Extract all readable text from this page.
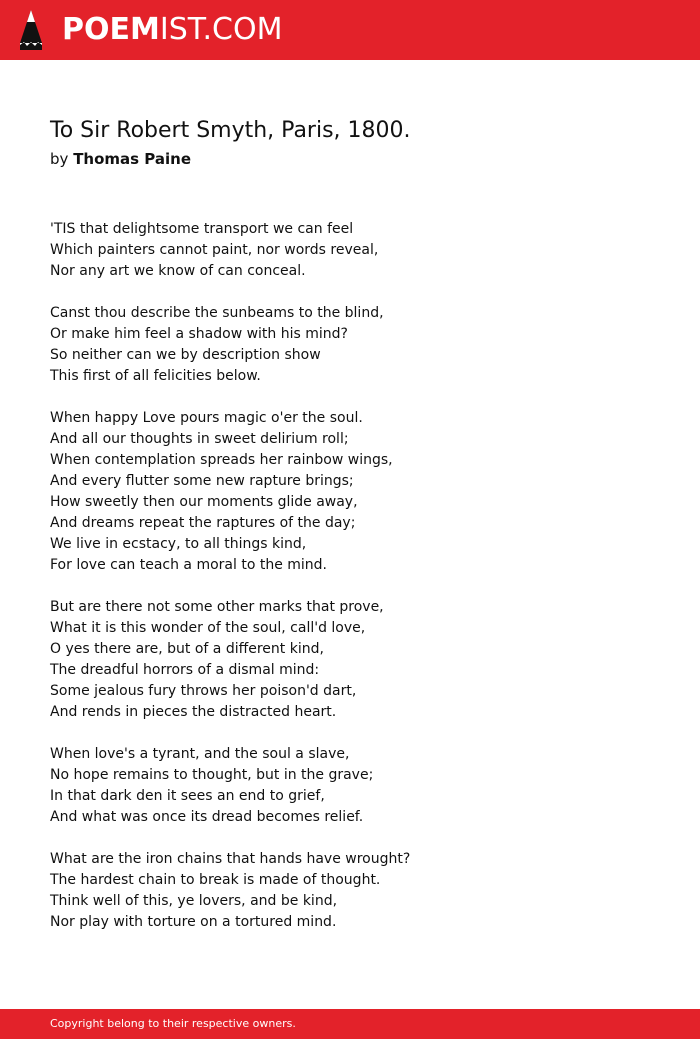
POEMIST.COM
To Sir Robert Smyth, Paris, 1800.
by Thomas Paine
'TIS that delightsome transport we can feel
Which painters cannot paint, nor words reveal,
Nor any art we know of can conceal.
Canst thou describe the sunbeams to the blind,
Or make him feel a shadow with his mind?
So neither can we by description show
This first of all felicities below.
When happy Love pours magic o'er the soul.
And all our thoughts in sweet delirium roll;
When contemplation spreads her rainbow wings,
And every flutter some new rapture brings;
How sweetly then our moments glide away,
And dreams repeat the raptures of the day;
We live in ecstacy, to all things kind,
For love can teach a moral to the mind.
But are there not some other marks that prove,
What it is this wonder of the soul, call'd love,
O yes there are, but of a different kind,
The dreadful horrors of a dismal mind:
Some jealous fury throws her poison'd dart,
And rends in pieces the distracted heart.
When love's a tyrant, and the soul a slave,
No hope remains to thought, but in the grave;
In that dark den it sees an end to grief,
And what was once its dread becomes relief.
What are the iron chains that hands have wrought?
The hardest chain to break is made of thought.
Think well of this, ye lovers, and be kind,
Nor play with torture on a tortured mind.
Copyright belong to their respective owners.
